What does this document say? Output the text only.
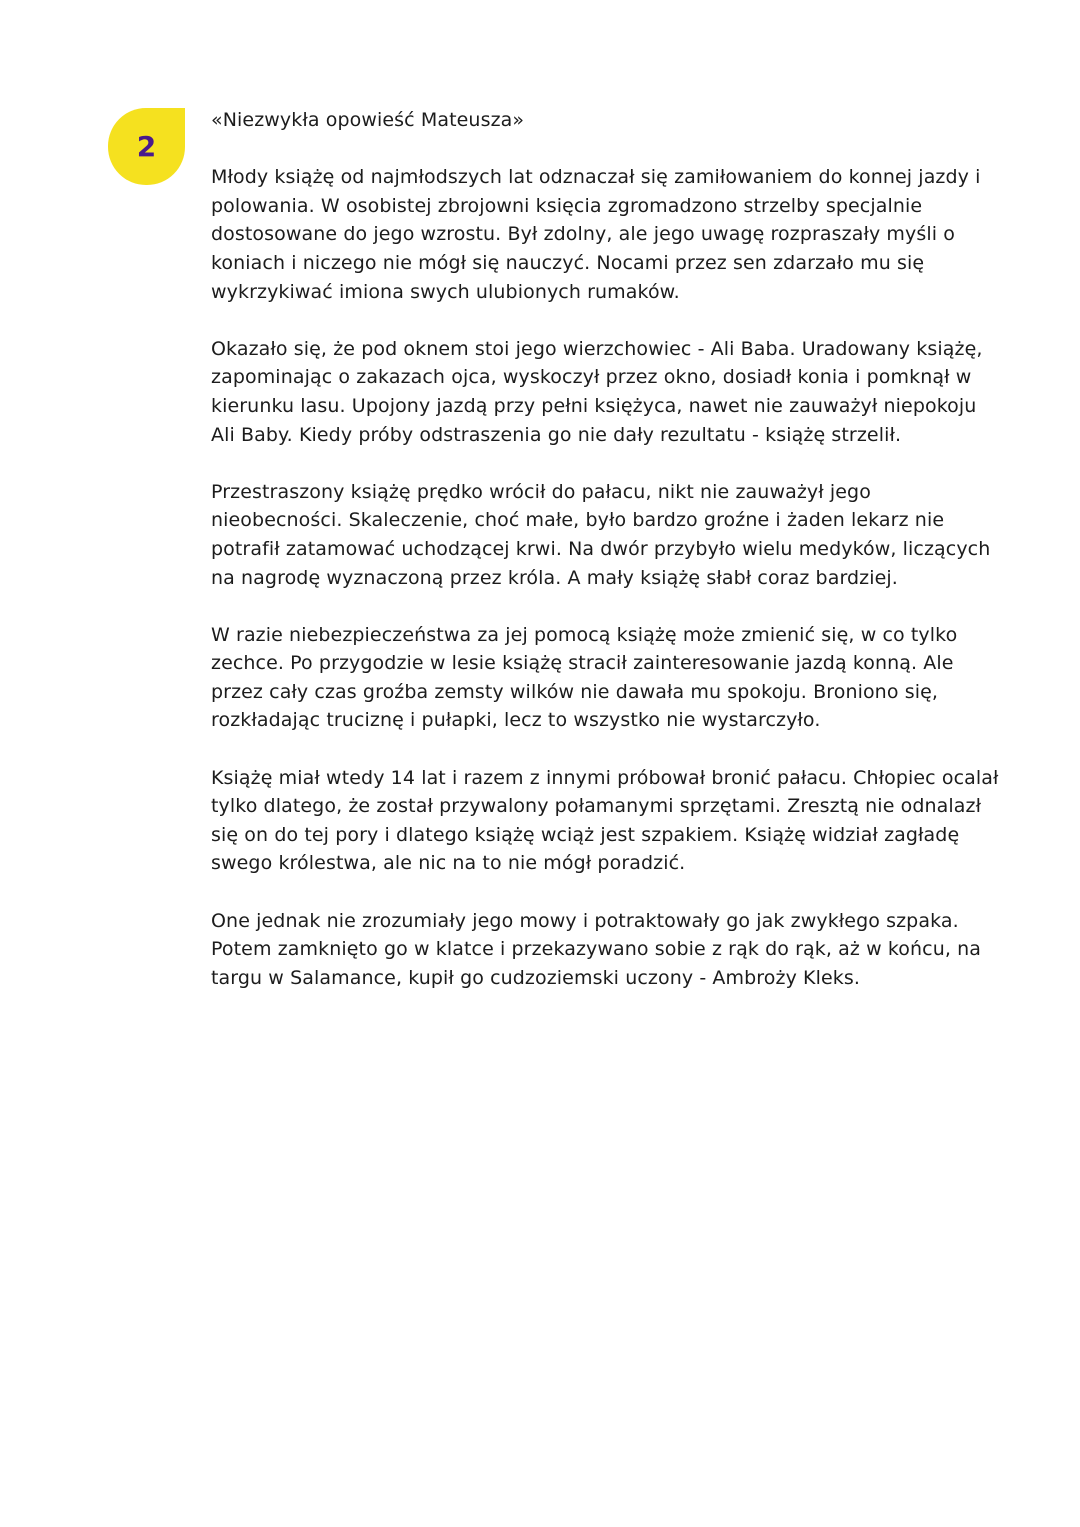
2

«Niezwykła opowieść Mateusza»

Młody książę od najmłodszych lat odznaczał się zamiłowaniem do konnej jazdy i polowania. W osobistej zbrojowni księcia zgromadzono strzelby specjalnie dostosowane do jego wzrostu. Był zdolny, ale jego uwagę rozpraszały myśli o koniach i niczego nie mógł się nauczyć. Nocami przez sen zdarzało mu się wykrzykiwać imiona swych ulubionych rumaków.

Okazało się, że pod oknem stoi jego wierzchowiec - Ali Baba. Uradowany książę, zapominając o zakazach ojca, wyskoczył przez okno, dosiadł konia i pomknął w kierunku lasu. Upojony jazdą przy pełni księżyca, nawet nie zauważył niepokoju Ali Baby. Kiedy próby odstraszenia go nie dały rezultatu - książę strzelił.

Przestraszony książę prędko wrócił do pałacu, nikt nie zauważył jego nieobecności. Skaleczenie, choć małe, było bardzo groźne i żaden lekarz nie potrafił zatamować uchodzącej krwi. Na dwór przybyło wielu medyków, liczących na nagrodę wyznaczoną przez króla. A mały książę słabł coraz bardziej.

W razie niebezpieczeństwa za jej pomocą książę może zmienić się, w co tylko zechce. Po przygodzie w lesie książę stracił zainteresowanie jazdą konną. Ale przez cały czas groźba zemsty wilków nie dawała mu spokoju. Broniono się, rozkładając truciznę i pułapki, lecz to wszystko nie wystarczyło.

Książę miał wtedy 14 lat i razem z innymi próbował bronić pałacu. Chłopiec ocalał tylko dlatego, że został przywalony połamanymi sprzętami. Zresztą nie odnalazł się on do tej pory i dlatego książę wciąż jest szpakiem. Książę widział zagładę swego królestwa, ale nic na to nie mógł poradzić.

One jednak nie zrozumiały jego mowy i potraktowały go jak zwykłego szpaka. Potem zamknięto go w klatce i przekazywano sobie z rąk do rąk, aż w końcu, na targu w Salamance, kupił go cudzoziemski uczony - Ambroży Kleks.
